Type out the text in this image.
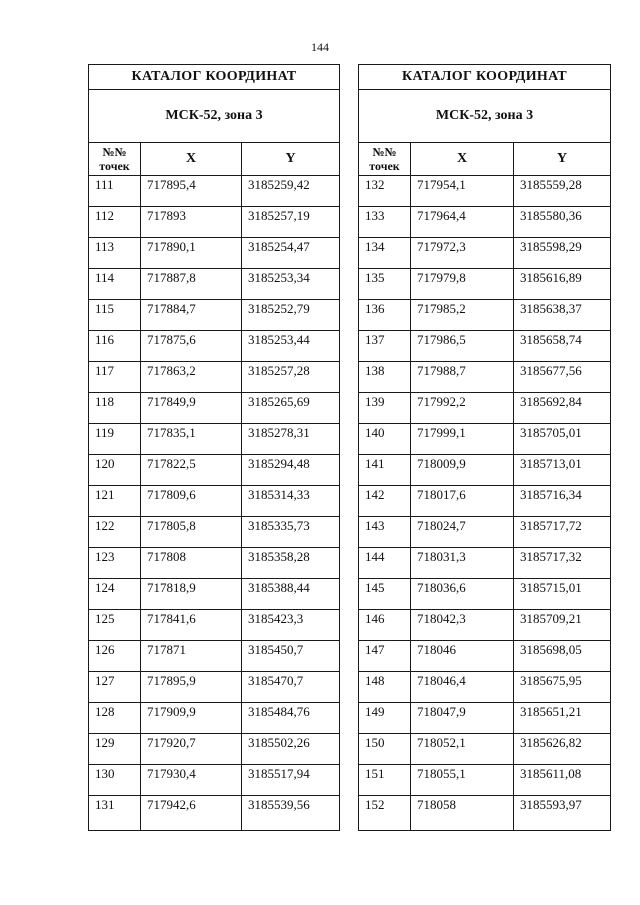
144
КАТАЛОГ КООРДИНАТ		
МСК-52, зона 3		

№№
точек	X	Y
111	717895,4	3185259,42
112	717893	3185257,19
113	717890,1	3185254,47
114	717887,8	3185253,34
115	717884,7	3185252,79
116	717875,6	3185253,44
117	717863,2	3185257,28
118	717849,9	3185265,69
119	717835,1	3185278,31
120	717822,5	3185294,48
121	717809,6	3185314,33
122	717805,8	3185335,73
123	717808	3185358,28
124	717818,9	3185388,44
125	717841,6	3185423,3
126	717871	3185450,7
127	717895,9	3185470,7
128	717909,9	3185484,76
129	717920,7	3185502,26
130	717930,4	3185517,94
131	717942,6	3185539,56
КАТАЛОГ КООРДИНАТ		
МСК-52, зона 3		

№№
точек	X	Y
132	717954,1	3185559,28
133	717964,4	3185580,36
134	717972,3	3185598,29
135	717979,8	3185616,89
136	717985,2	3185638,37
137	717986,5	3185658,74
138	717988,7	3185677,56
139	717992,2	3185692,84
140	717999,1	3185705,01
141	718009,9	3185713,01
142	718017,6	3185716,34
143	718024,7	3185717,72
144	718031,3	3185717,32
145	718036,6	3185715,01
146	718042,3	3185709,21
147	718046	3185698,05
148	718046,4	3185675,95
149	718047,9	3185651,21
150	718052,1	3185626,82
151	718055,1	3185611,08
152	718058	3185593,97
